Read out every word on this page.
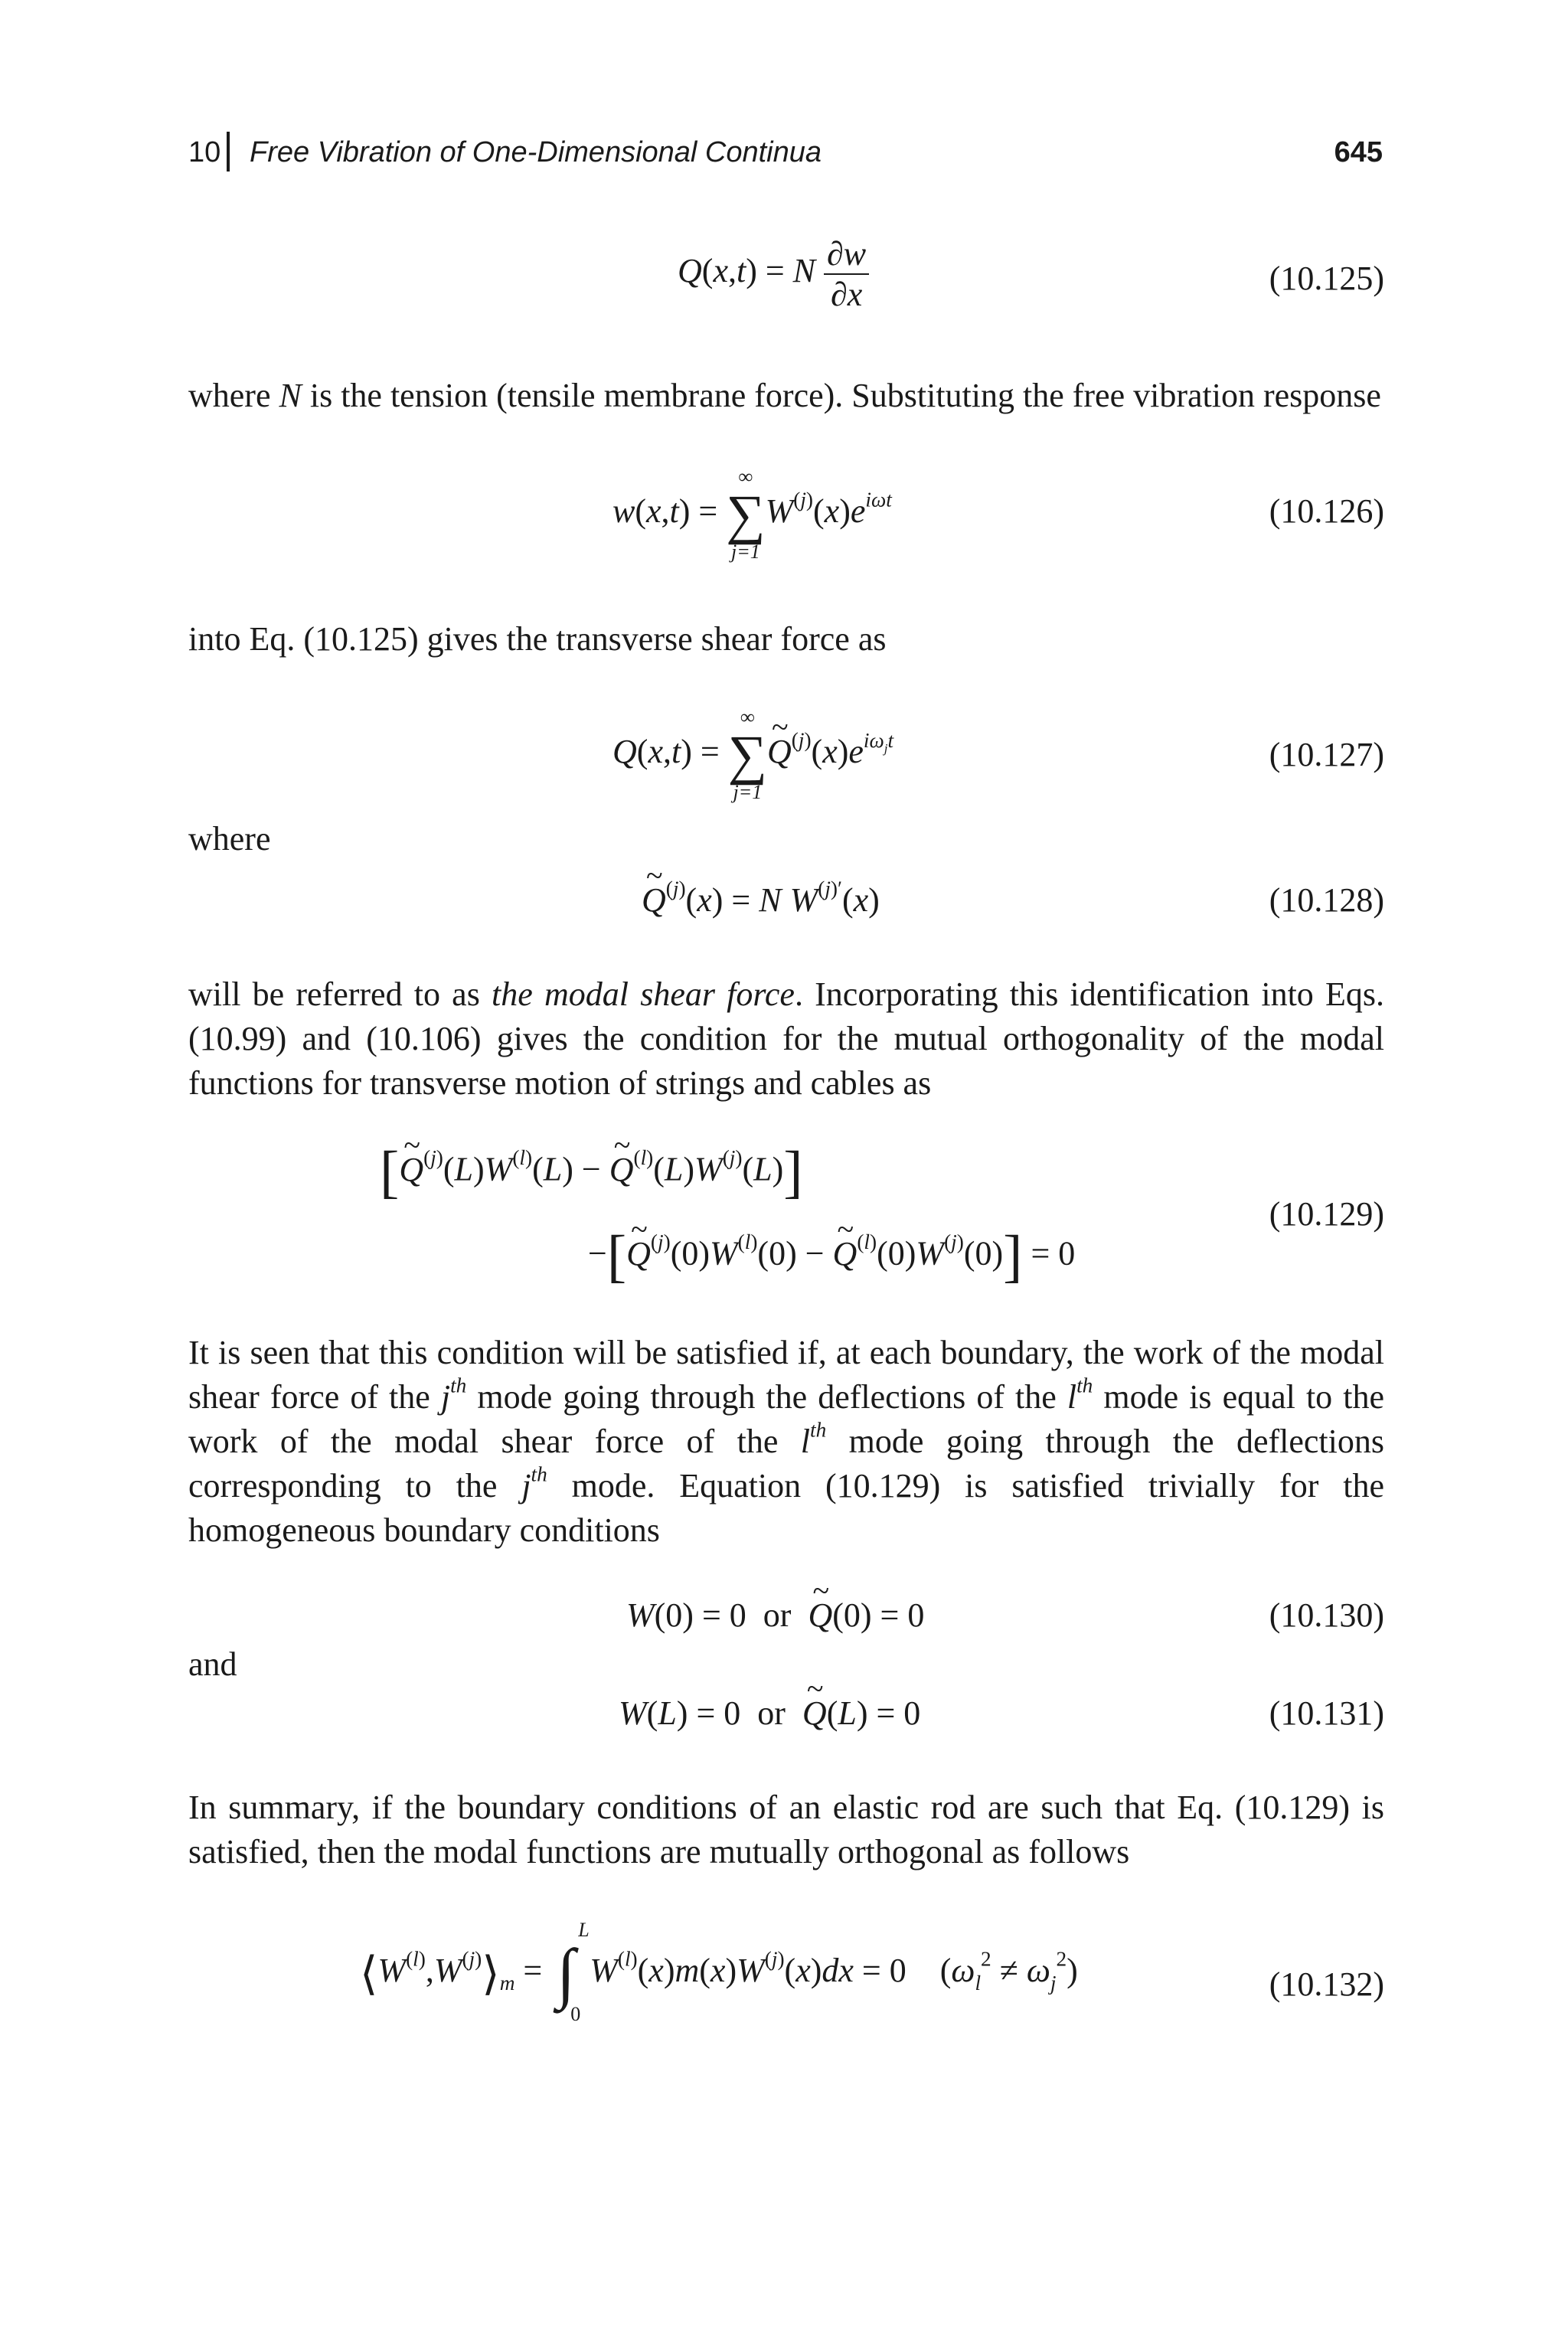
10 Free Vibration of One-Dimensional Continua	645
Q(x,t) = N $\frac{\partial w}{\partial x}$	(10.125)
where N is the tension (tensile membrane force). Substituting the free vibration response
w(x,t) =
∞
∑
j=1
$W^{(j)}(x)e^{i\omega t}$	(10.126)
into Eq. (10.125) gives the transverse shear force as
Q(x,t) =
∞
∑
j=1
~ $Q^{(j)}(x)e^{i\omega_jt}$	(10.127)
where
~ $Q^{(j)}(x) = N$ $W^{(j)'}(x)$	(10.128)
will be referred to as the modal shear force. Incorporating this identification into Eqs. (10.99) and (10.106) gives the condition for the mutual orthogonality of the modal functions for transverse motion of strings and cables as
[~ $Q^{(j)}(L)W^{(l)}(L)$ − ~ $Q^{(l)}(L)W^{(j)}(L)$]
−[~ $Q^{(j)}(0)W^{(l)}(0)$ − ~ $Q^{(l)}(0)W^{(j)}(0)] = 0$
(10.129)
It is seen that this condition will be satisfied if, at each boundary, the work of the modal shear force of the $j^{th}$ mode going through the deflections of the $l^{th}$ mode is equal to the work of the modal shear force of the $l^{th}$ mode going through the deflections corresponding to the $j^{th}$ mode. Equation (10.129) is satisfied trivially for the homogeneous boundary conditions
W(0) = 0  or  ~ Q(0) = 0	(10.130)
and
W(L) = 0  or  ~ Q(L) = 0	(10.131)
In summary, if the boundary conditions of an elastic rod are such that Eq. (10.129) is satisfied, then the modal functions are mutually orthogonal as follows
$⟨W^{(l)},W^{(j)}⟩_m$ = ∫
L
0
$W^{(l)}(x)m(x)W^{(j)}(x)dx = 0$    $(\omega_l^2 \ne \omega_j^2)$	(10.132)
